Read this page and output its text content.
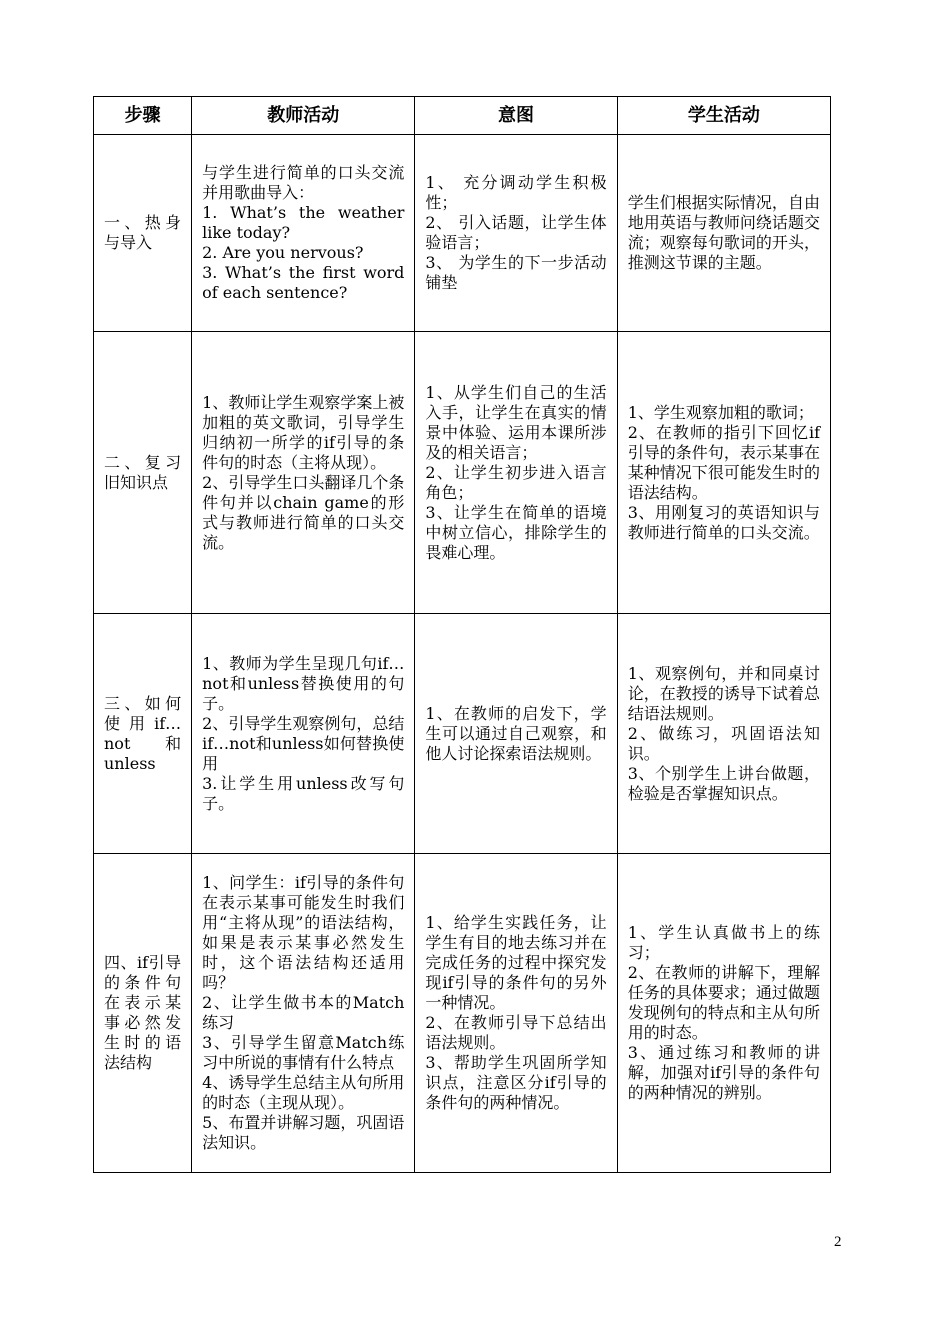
步骤	教师活动	意图	学生活动

一、热身与导入	与学生进行简单的口头交流并用歌曲导入：
1. What’s the weather like today?
2. Are you nervous?
3. What’s the first word of each sentence?	1、 充分调动学生积极性；
2、 引入话题，让学生体验语言；
3、 为学生的下一步活动铺垫	学生们根据实际情况，自由地用英语与教师问绕话题交流；观察每句歌词的开头，推测这节课的主题。

二、复习旧知识点	1、教师让学生观察学案上被加粗的英文歌词，引导学生归纳初一所学的if引导的条件句的时态（主将从现）。
2、引导学生口头翻译几个条件句并以chain game的形式与教师进行简单的口头交流。	1、从学生们自己的生活入手，让学生在真实的情景中体验、运用本课所涉及的相关语言；
2、让学生初步进入语言角色；
3、让学生在简单的语境中树立信心，排除学生的畏难心理。	1、学生观察加粗的歌词；
2、在教师的指引下回忆if引导的条件句，表示某事在某种情况下很可能发生时的语法结构。
3、用刚复习的英语知识与教师进行简单的口头交流。

三、如何使用if…not 和unless	1、教师为学生呈现几句if…not和unless替换使用的句子。
2、引导学生观察例句，总结if…not和unless如何替换使用
3.让学生用unless改写句子。	1、在教师的启发下，学生可以通过自己观察，和他人讨论探索语法规则。	1、观察例句，并和同桌讨论，在教授的诱导下试着总结语法规则。
2、做练习，巩固语法知识。
3、个别学生上讲台做题，检验是否掌握知识点。

四、if引导的条件句在表示某事必然发生时的语法结构	1、问学生：if引导的条件句在表示某事可能发生时我们用“主将从现”的语法结构，如果是表示某事必然发生时，这个语法结构还适用吗？
2、让学生做书本的Match练习
3、引导学生留意Match练习中所说的事情有什么特点
4、诱导学生总结主从句所用的时态（主现从现）。
5、布置并讲解习题，巩固语法知识。	1、给学生实践任务，让学生有目的地去练习并在完成任务的过程中探究发现if引导的条件句的另外一种情况。
2、在教师引导下总结出语法规则。
3、帮助学生巩固所学知识点，注意区分if引导的条件句的两种情况。	1、学生认真做书上的练习；
2、在教师的讲解下，理解任务的具体要求；通过做题发现例句的特点和主从句所用的时态。
3、通过练习和教师的讲解，加强对if引导的条件句的两种情况的辨别。
2
